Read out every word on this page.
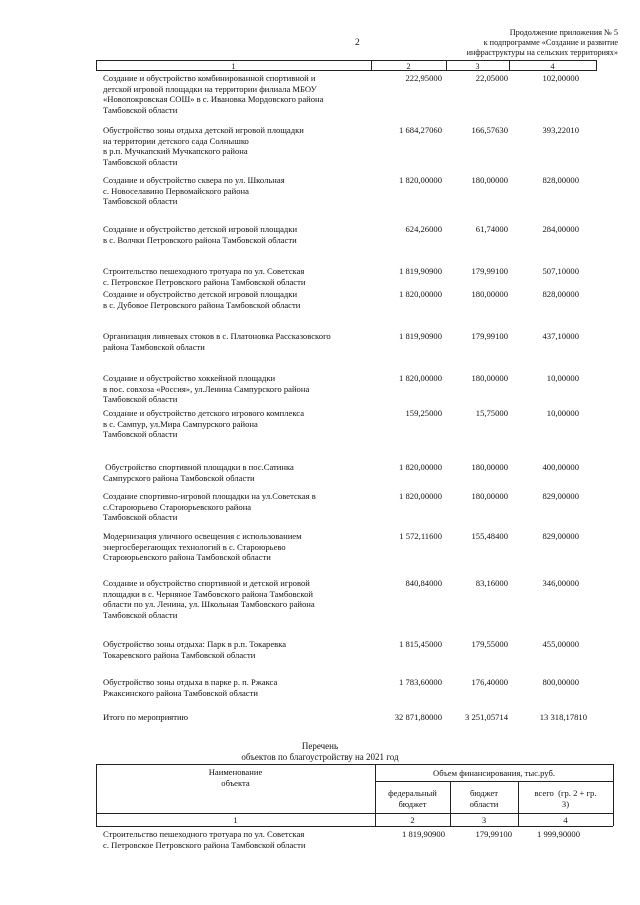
2
Продолжение приложения № 5
к подпрограмме «Создание и развитие
инфраструктуры на сельских территориях»
1	2	3	4
Создание и обустройство комбинированной спортивной и
детской игровой площадки на территории филиала МБОУ
«Новопокровская СОШ» в с. Ивановка Мордовского района
Тамбовской области
222,95000	22,05000	102,00000
Обустройство зоны отдыха детской игровой площадки
на территории детского сада Солнышко
в р.п. Мучкапский Мучкапского района
Тамбовской области
1 684,27060	166,57630	393,22010
Создание и обустройство сквера по ул. Школьная
с. Новоселавино Первомайского района
Тамбовской области
1 820,00000	180,00000	828,00000
Создание и обустройство детской игровой площадки
в с. Волчки Петровского района Тамбовской области
624,26000	61,74000	284,00000
Строительство пешеходного тротуара по ул. Советская
с. Петровское Петровского района Тамбовской области
1 819,90900	179,99100	507,10000
Создание и обустройство детской игровой площадки
в с. Дубовое Петровского района Тамбовской области
1 820,00000	180,00000	828,00000
Организация ливневых стоков в с. Платоновка Рассказовского
района Тамбовской области
1 819,90900	179,99100	437,10000
Создание и обустройство хоккейной площадки
в пос. совхоза «Россия», ул.Ленина Сампурского района
Тамбовской области
1 820,00000	180,00000	10,00000
Создание и обустройство детского игрового комплекса
в с. Сампур, ул.Мира Сампурского района
Тамбовской области
159,25000	15,75000	10,00000
Обустройство спортивной площадки в пос.Сатинка
Сампурского района Тамбовской области
1 820,00000	180,00000	400,00000
Создание спортивно-игровой площадки на ул.Советская в
с.Староюрьево Староюрьевского района
Тамбовской области
1 820,00000	180,00000	829,00000
Модернизация уличного освещения с использованием
энергосберегающих технологий в с. Староюрьево
Староюрьевского района Тамбовской области
1 572,11600	155,48400	829,00000
Создание и обустройство спортивной и детской игровой
площадки в с. Черняное Тамбовского района Тамбовской
области по ул. Ленина, ул. Школьная Тамбовского района
Тамбовской области
840,84000	83,16000	346,00000
Обустройство зоны отдыха: Парк в р.п. Токаревка
Токаревского района Тамбовской области
1 815,45000	179,55000	455,00000
Обустройство зоны отдыха в парке р. п. Ржакса
Ржаксинского района Тамбовской области
1 783,60000	176,40000	800,00000
Итого по мероприятию	32 871,80000	3 251,05714	13 318,17810
Перечень
объектов по благоустройству на 2021 год
Наименование
объекта
Объем финансирования, тыс.руб.
федеральный
бюджет
бюджет
области
всего  (гр. 2 + гр.
3)
1	2	3	4
Строительство пешеходного тротуара по ул. Советская
с. Петровское Петровского района Тамбовской области
1 819,90900	179,99100	1 999,90000
